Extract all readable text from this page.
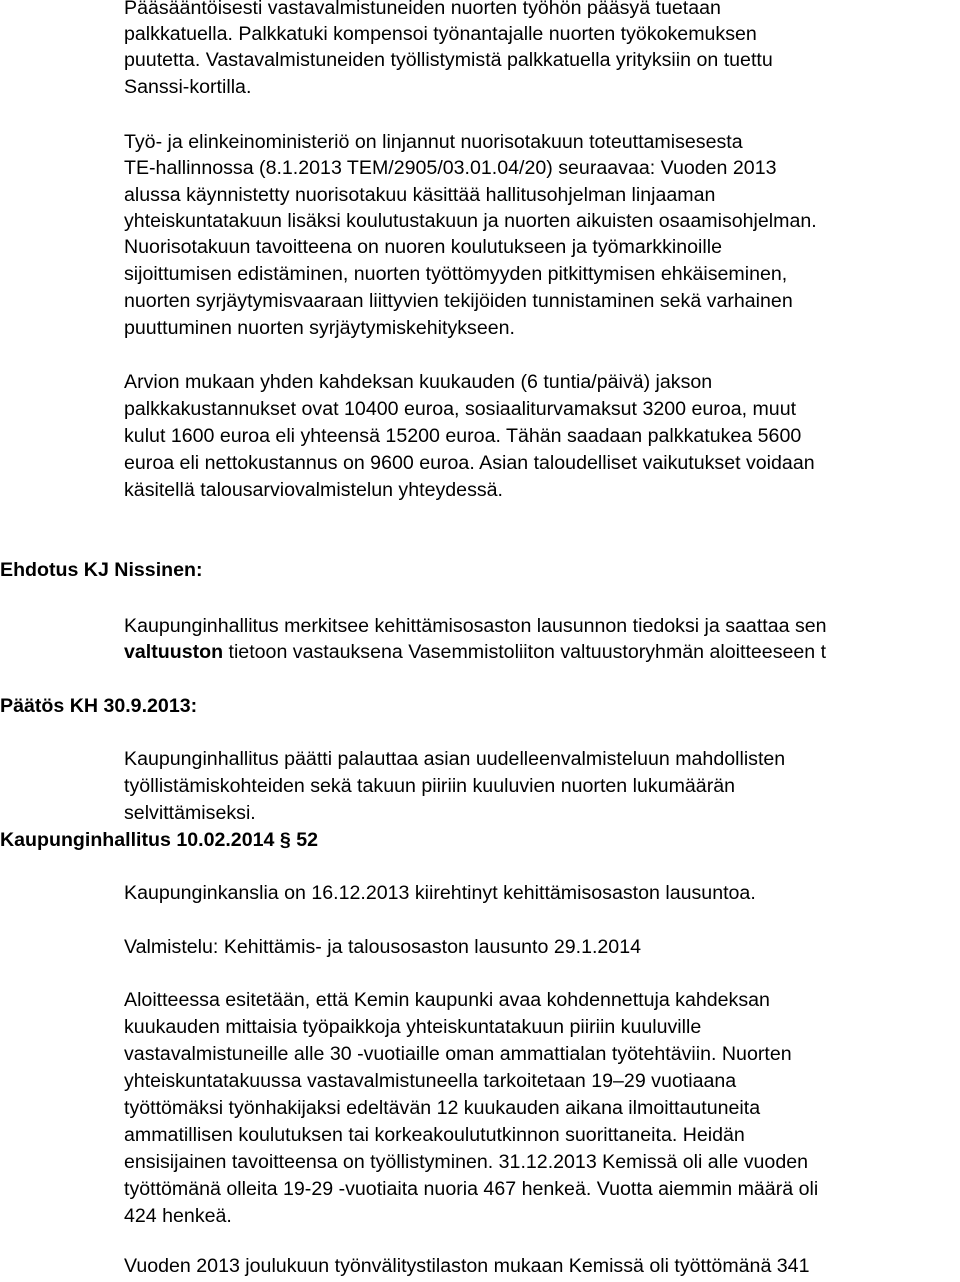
Pääsääntöisesti vastavalmistuneiden nuorten työhön pääsyä tuetaan
palkkatuella. Palkkatuki kompensoi työnantajalle nuorten työkokemuksen
puutetta. Vastavalmistuneiden työllistymistä palkkatuella yrityksiin on tuettu
Sanssi-kortilla.
Työ- ja elinkeinoministeriö on linjannut nuorisotakuun toteuttamisesesta
TE-hallinnossa (8.1.2013 TEM/2905/03.01.04/20) seuraavaa: Vuoden 2013
alussa käynnistetty nuorisotakuu käsittää hallitusohjelman linjaaman
yhteiskuntatakuun lisäksi koulutustakuun ja nuorten aikuisten osaamisohjelman.
Nuorisotakuun tavoitteena on nuoren koulutukseen ja työmarkkinoille
sijoittumisen edistäminen, nuorten työttömyyden pitkittymisen ehkäiseminen,
nuorten syrjäytymisvaaraan liittyvien tekijöiden tunnistaminen sekä varhainen
puuttuminen nuorten syrjäytymiskehitykseen.
Arvion mukaan yhden kahdeksan kuukauden (6 tuntia/päivä) jakson
palkkakustannukset ovat 10400 euroa, sosiaaliturvamaksut 3200 euroa, muut
kulut 1600 euroa eli yhteensä 15200 euroa. Tähän saadaan palkkatukea 5600
euroa eli nettokustannus on 9600 euroa. Asian taloudelliset vaikutukset voidaan
käsitellä talousarviovalmistelun yhteydessä.
Ehdotus KJ Nissinen:
Kaupunginhallitus merkitsee kehittämisosaston lausunnon tiedoksi ja saattaa sen
valtuuston tietoon vastauksena Vasemmistoliiton valtuustoryhmän aloitteeseen t
Päätös KH 30.9.2013:
Kaupunginhallitus päätti palauttaa asian uudelleenvalmisteluun mahdollisten
työllistämiskohteiden sekä takuun piiriin kuuluvien nuorten lukumäärän
selvittämiseksi.
Kaupunginhallitus 10.02.2014 § 52
Kaupunginkanslia on 16.12.2013 kiirehtinyt kehittämisosaston lausuntoa.
Valmistelu: Kehittämis- ja talousosaston lausunto 29.1.2014
Aloitteessa esitetään, että Kemin kaupunki avaa kohdennettuja kahdeksan
kuukauden mittaisia työpaikkoja yhteiskuntatakuun piiriin kuuluville
vastavalmistuneille alle 30 -vuotiaille oman ammattialan työtehtäviin. Nuorten
yhteiskuntatakuussa vastavalmistuneella tarkoitetaan 19–29 vuotiaana
työttömäksi työnhakijaksi edeltävän 12 kuukauden aikana ilmoittautuneita
ammatillisen koulutuksen tai korkeakoulututkinnon suorittaneita. Heidän
ensisijainen tavoitteensa on työllistyminen. 31.12.2013 Kemissä oli alle vuoden
työttömänä olleita 19-29 -vuotiaita nuoria 467 henkeä. Vuotta aiemmin määrä oli
424 henkeä.
Vuoden 2013 joulukuun työnvälitystilaston mukaan Kemissä oli työttömänä 341
